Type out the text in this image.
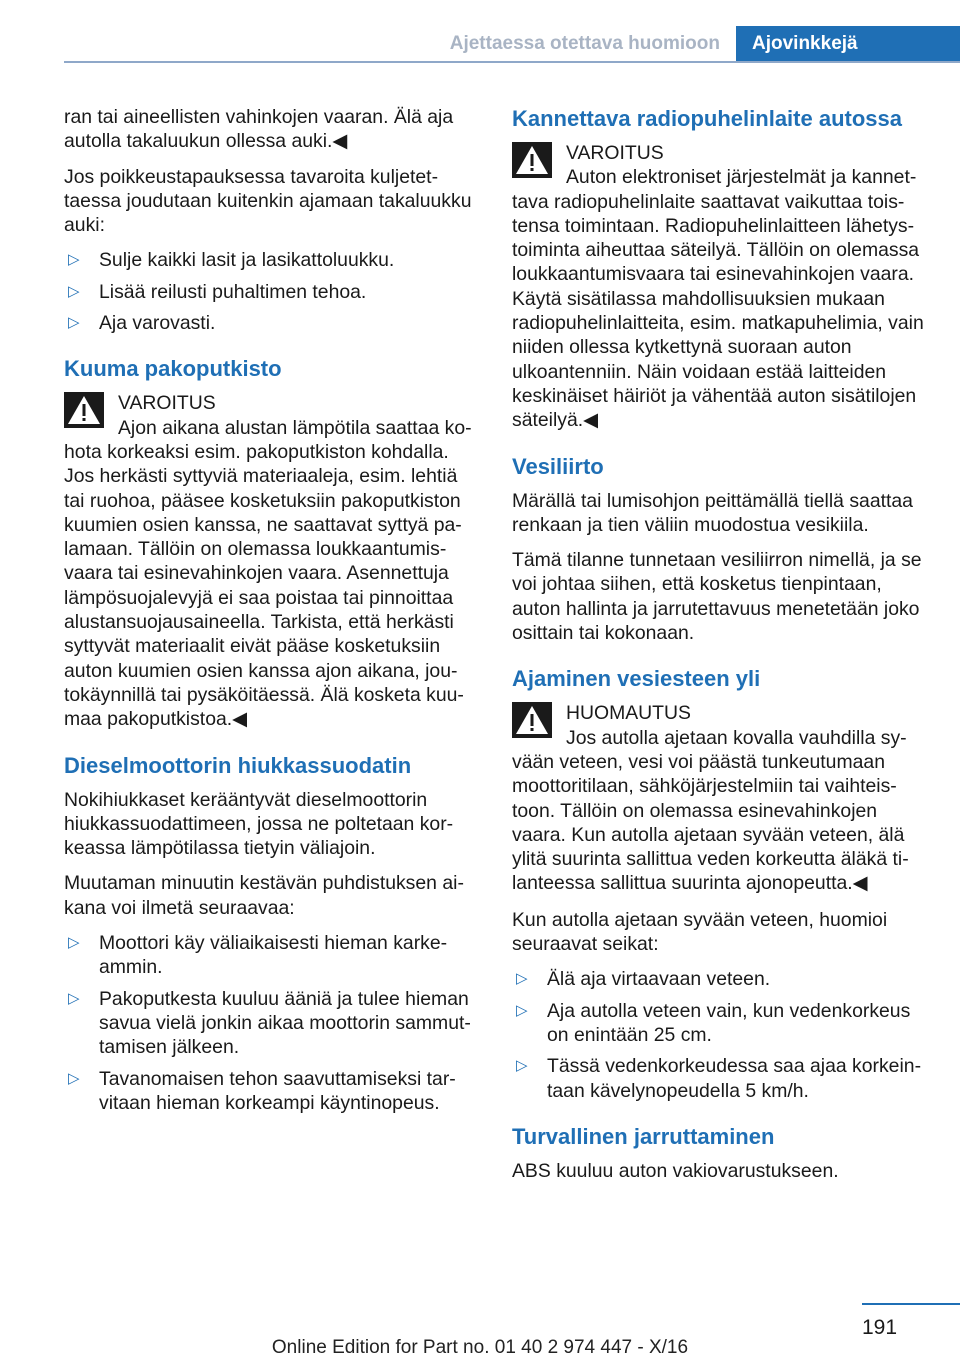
Ajettaessa otettava huomioon	Ajovinkkejä

ran tai aineellisten vahinkojen vaaran. Älä aja autolla takaluukun ollessa auki.◀

Jos poikkeustapauksessa tavaroita kuljetettaessa joudutaan kuitenkin ajamaan takaluukku auki:

▷ Sulje kaikki lasit ja lasikattoluukku.
▷ Lisää reilusti puhaltimen tehoa.
▷ Aja varovasti.
Kuuma pakoputkisto
VAROITUS
Ajon aikana alustan lämpötila saattaa kohota korkeaksi esim. pakoputkiston kohdalla. Jos herkästi syttyviä materiaaleja, esim. lehtiä tai ruohoa, pääsee kosketuksiin pakoputkiston kuumien osien kanssa, ne saattavat syttyä palamaan. Tällöin on olemassa loukkaantumisvaara tai esinevahinkojen vaara. Asennettuja lämpösuojalevyjä ei saa poistaa tai pinnoittaa alustansuojausaineella. Tarkista, että herkästi syttyvät materiaalit eivät pääse kosketuksiin auton kuumien osien kanssa ajon aikana, joutokäynnillä tai pysäköitäessä. Älä kosketa kuumaa pakoputkistoa.◀
Dieselmoottorin hiukkassuodatin

Nokihiukkaset kerääntyvät dieselmoottorin hiukkassuodattimeen, jossa ne poltetaan korkeassa lämpötilassa tietyin väliajoin.

Muutaman minuutin kestävän puhdistuksen aikana voi ilmetä seuraavaa:

▷ Moottori käy väliaikaisesti hieman karkeammin.
▷ Pakoputkesta kuuluu ääniä ja tulee hieman savua vielä jonkin aikaa moottorin sammuttamisen jälkeen.
▷ Tavanomaisen tehon saavuttamiseksi tarvitaan hieman korkeampi käyntinopeus.
Kannettava radiopuhelinlaite autossa
VAROITUS
Auton elektroniset järjestelmät ja kannettava radiopuhelinlaite saattavat vaikuttaa toistensa toimintaan. Radiopuhelinlaitteen lähetystoiminta aiheuttaa säteilyä. Tällöin on olemassa loukkaantumisvaara tai esinevahinkojen vaara. Käytä sisätilassa mahdollisuuksien mukaan radiopuhelinlaitteita, esim. matkapuhelimia, vain niiden ollessa kytkettynä suoraan auton ulkoantenniin. Näin voidaan estää laitteiden keskinäiset häiriöt ja vähentää auton sisätilojen säteilyä.◀
Vesiliirto

Märällä tai lumisohjon peittämällä tiellä saattaa renkaan ja tien väliin muodostua vesikiila.

Tämä tilanne tunnetaan vesiliirron nimellä, ja se voi johtaa siihen, että kosketus tienpintaan, auton hallinta ja jarrutettavuus menetetään joko osittain tai kokonaan.

Ajaminen vesiesteen yli
HUOMAUTUS
Jos autolla ajetaan kovalla vauhdilla syvään veteen, vesi voi päästä tunkeutumaan moottoritilaan, sähköjärjestelmiin tai vaihteistoon. Tällöin on olemassa esinevahinkojen vaara. Kun autolla ajetaan syvään veteen, älä ylitä suurinta sallittua veden korkeutta äläkä tilanteessa sallittua suurinta ajonopeutta.◀

Kun autolla ajetaan syvään veteen, huomioi seuraavat seikat:

▷ Älä aja virtaavaan veteen.
▷ Aja autolla veteen vain, kun vedenkorkeus on enintään 25 cm.
▷ Tässä vedenkorkeudessa saa ajaa korkeintaan kävelynopeudella 5 km/h.
Turvallinen jarruttaminen

ABS kuuluu auton vakiovarustukseen.

191
Online Edition for Part no. 01 40 2 974 447 - X/16
